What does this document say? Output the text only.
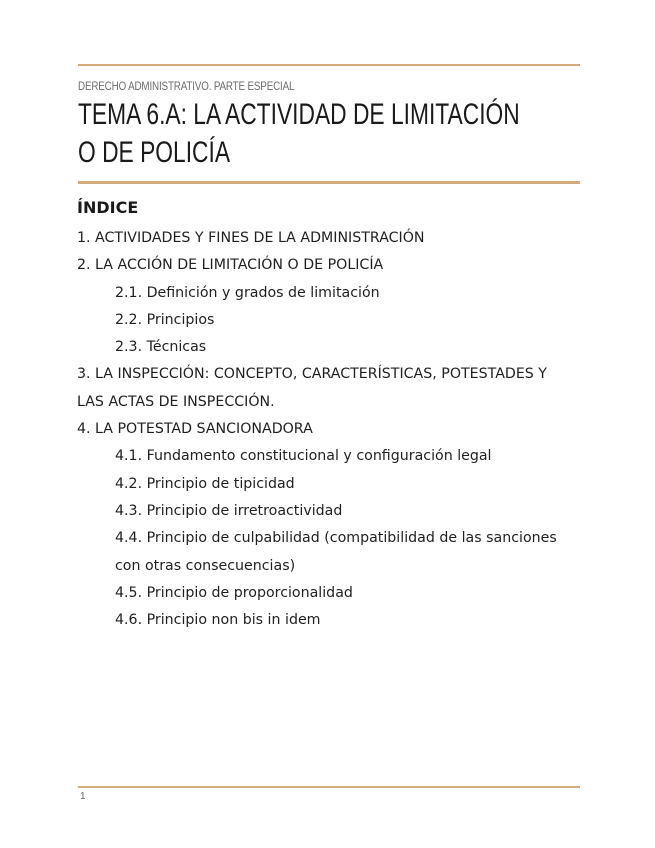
DERECHO ADMINISTRATIVO. PARTE ESPECIAL
TEMA 6.A: LA ACTIVIDAD DE LIMITACIÓN
O DE POLICÍA
ÍNDICE
1. ACTIVIDADES Y FINES DE LA ADMINISTRACIÓN
2. LA ACCIÓN DE LIMITACIÓN O DE POLICÍA
2.1. Definición y grados de limitación
2.2. Principios
2.3. Técnicas
3. LA INSPECCIÓN: CONCEPTO, CARACTERÍSTICAS, POTESTADES Y LAS ACTAS DE INSPECCIÓN.
4. LA POTESTAD SANCIONADORA
4.1. Fundamento constitucional y configuración legal
4.2. Principio de tipicidad
4.3. Principio de irretroactividad
4.4. Principio de culpabilidad (compatibilidad de las sanciones con otras consecuencias)
4.5. Principio de proporcionalidad
4.6. Principio non bis in idem
1
